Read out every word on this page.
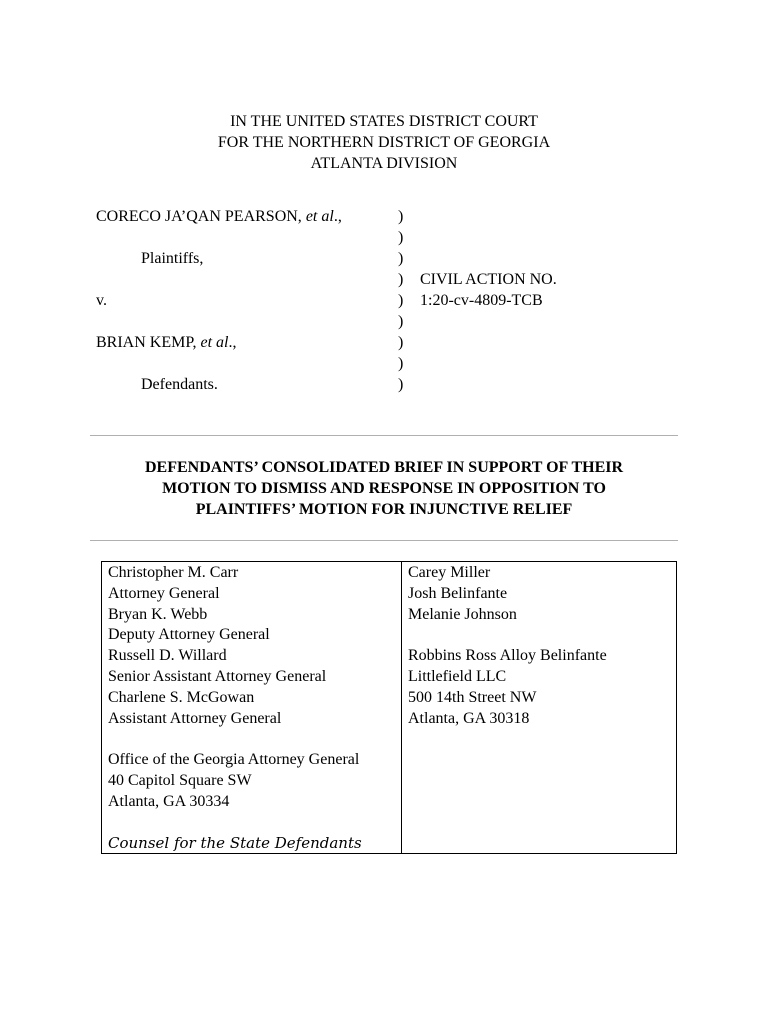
IN THE UNITED STATES DISTRICT COURT
FOR THE NORTHERN DISTRICT OF GEORGIA
ATLANTA DIVISION
CORECO JA’QAN PEARSON, et al.,
Plaintiffs,
v.
BRIAN KEMP, et al.,
Defendants.
)
)
)
)
)
)
)
)
)
CIVIL ACTION NO.
1:20-cv-4809-TCB
DEFENDANTS’ CONSOLIDATED BRIEF IN SUPPORT OF THEIR
MOTION TO DISMISS AND RESPONSE IN OPPOSITION TO
PLAINTIFFS’ MOTION FOR INJUNCTIVE RELIEF
Christopher M. Carr
Attorney General
Bryan K. Webb
Deputy Attorney General
Russell D. Willard
Senior Assistant Attorney General
Charlene S. McGowan
Assistant Attorney General
Office of the Georgia Attorney General
40 Capitol Square SW
Atlanta, GA 30334
Counsel for the State Defendants
Carey Miller
Josh Belinfante
Melanie Johnson
Robbins Ross Alloy Belinfante
Littlefield LLC
500 14th Street NW
Atlanta, GA 30318
